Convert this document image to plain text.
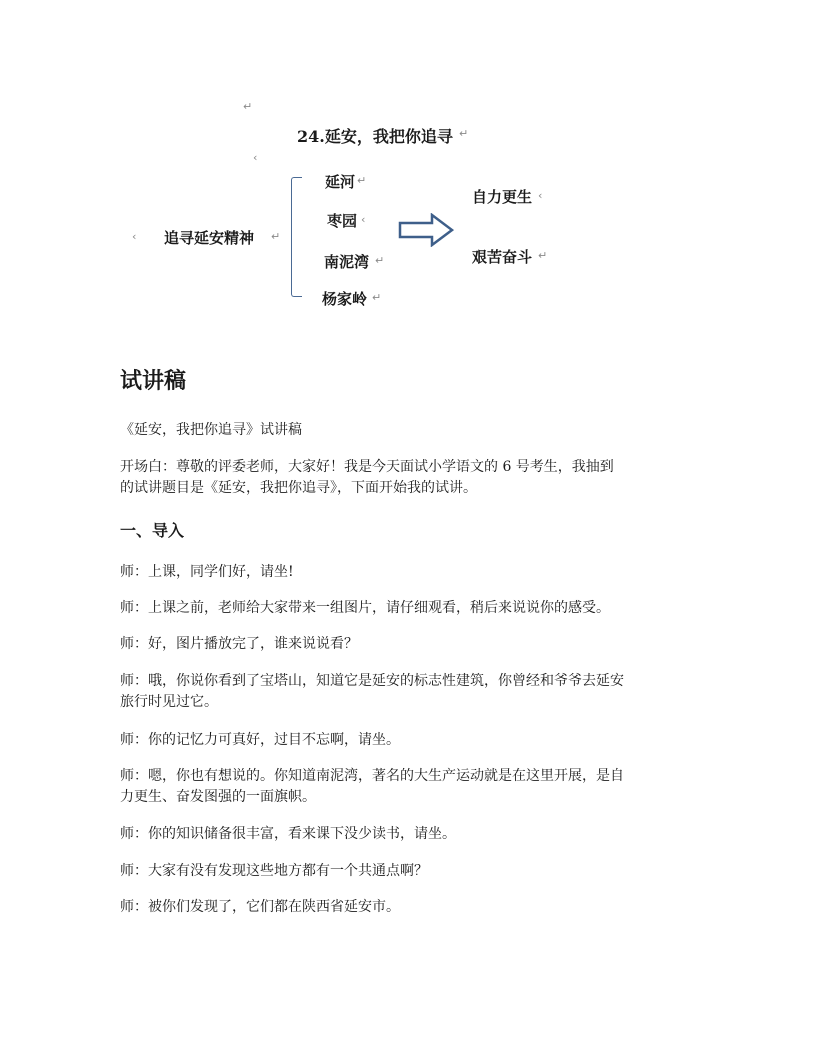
↵
24.延安，我把你追寻 ↵
‹
‹ 追寻延安精神 ↵
延河 ↵
枣园 ‹
南泥湾 ↵
杨家岭 ↵
自力更生 ‹
艰苦奋斗 ↵
试讲稿
《延安，我把你追寻》试讲稿
开场白：尊敬的评委老师，大家好！我是今天面试小学语文的 6 号考生，我抽到
的试讲题目是《延安，我把你追寻》，下面开始我的试讲。
一、导入
师：上课，同学们好，请坐!
师：上课之前，老师给大家带来一组图片，请仔细观看，稍后来说说你的感受。
师：好，图片播放完了，谁来说说看？
师：哦，你说你看到了宝塔山，知道它是延安的标志性建筑，你曾经和爷爷去延安
旅行时见过它。
师：你的记忆力可真好，过目不忘啊，请坐。
师：嗯，你也有想说的。你知道南泥湾，著名的大生产运动就是在这里开展，是自
力更生、奋发图强的一面旗帜。
师：你的知识储备很丰富，看来课下没少读书，请坐。
师：大家有没有发现这些地方都有一个共通点啊？
师：被你们发现了，它们都在陕西省延安市。
